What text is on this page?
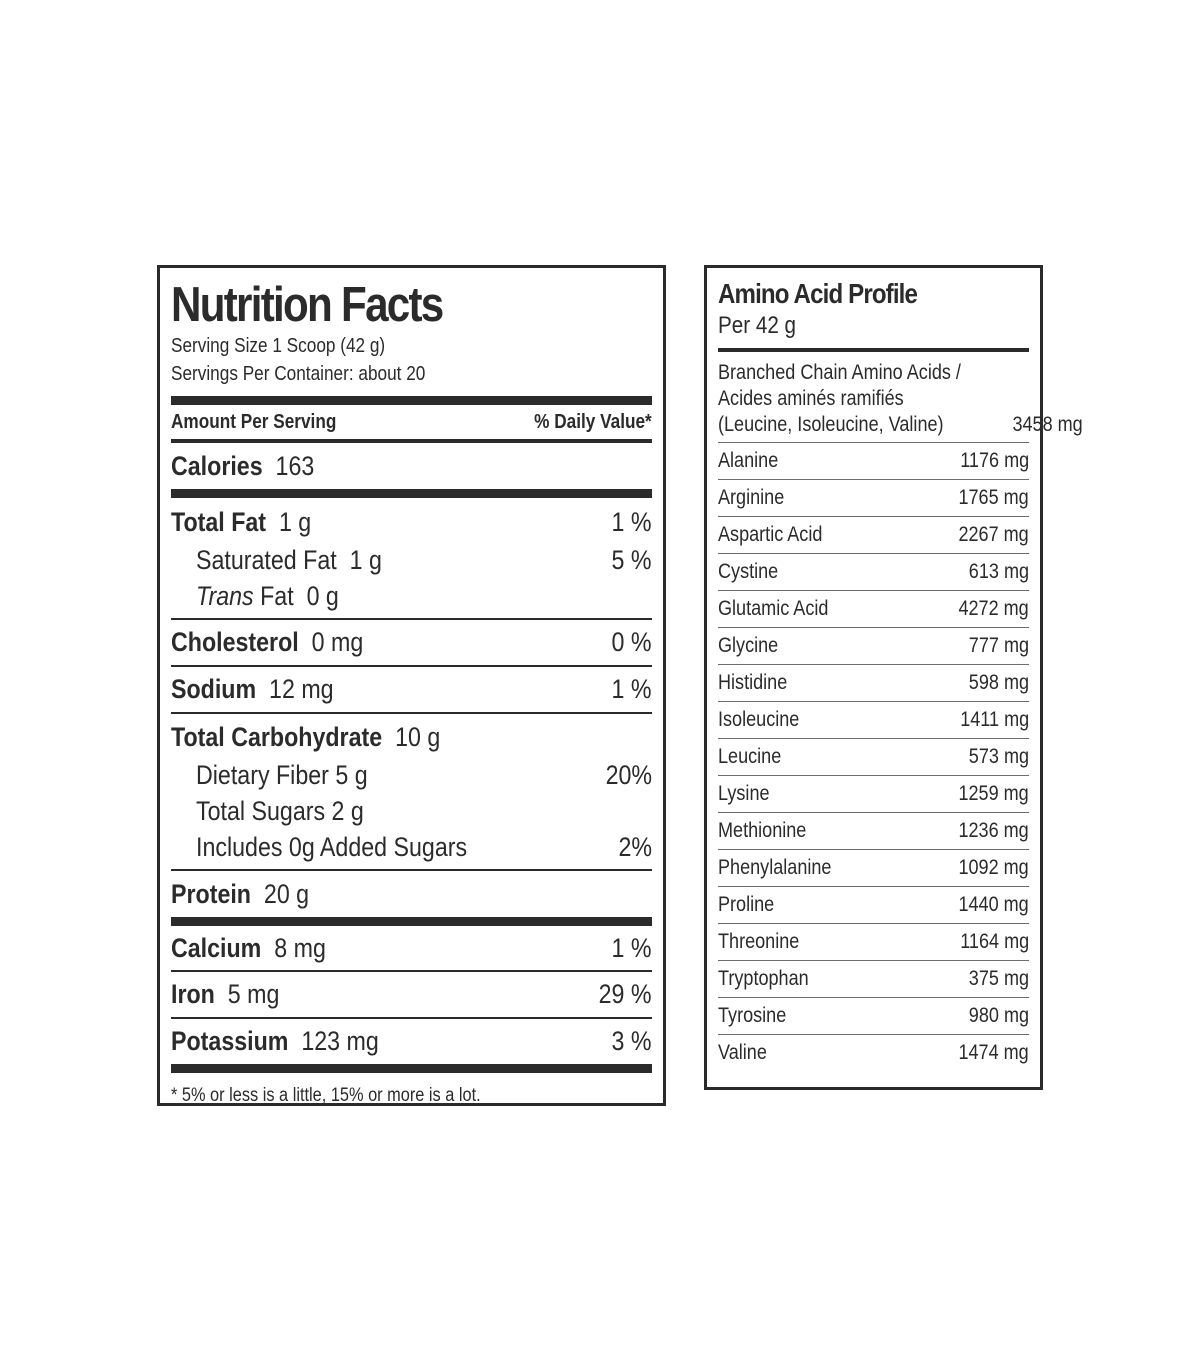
Nutrition Facts
Serving Size 1 Scoop (42 g)
Servings Per Container: about 20
Amount Per Serving	% Daily Value*
Calories 163
Total Fat 1 g	1 %
Saturated Fat 1 g	5 %
Trans Fat 0 g
Cholesterol 0 mg	0 %
Sodium 12 mg	1 %
Total Carbohydrate 10 g
Dietary Fiber 5 g	20%
Total Sugars 2 g
Includes 0g Added Sugars	2%
Protein 20 g
Calcium 8 mg	1 %
Iron 5 mg	29 %
Potassium 123 mg	3 %
* 5% or less is a little, 15% or more is a lot.
Amino Acid Profile
Per 42 g
Branched Chain Amino Acids /
Acides aminés ramifiés
(Leucine, Isoleucine, Valine)	3458 mg
Alanine	1176 mg
Arginine	1765 mg
Aspartic Acid	2267 mg
Cystine	613 mg
Glutamic Acid	4272 mg
Glycine	777 mg
Histidine	598 mg
Isoleucine	1411 mg
Leucine	573 mg
Lysine	1259 mg
Methionine	1236 mg
Phenylalanine	1092 mg
Proline	1440 mg
Threonine	1164 mg
Tryptophan	375 mg
Tyrosine	980 mg
Valine	1474 mg
